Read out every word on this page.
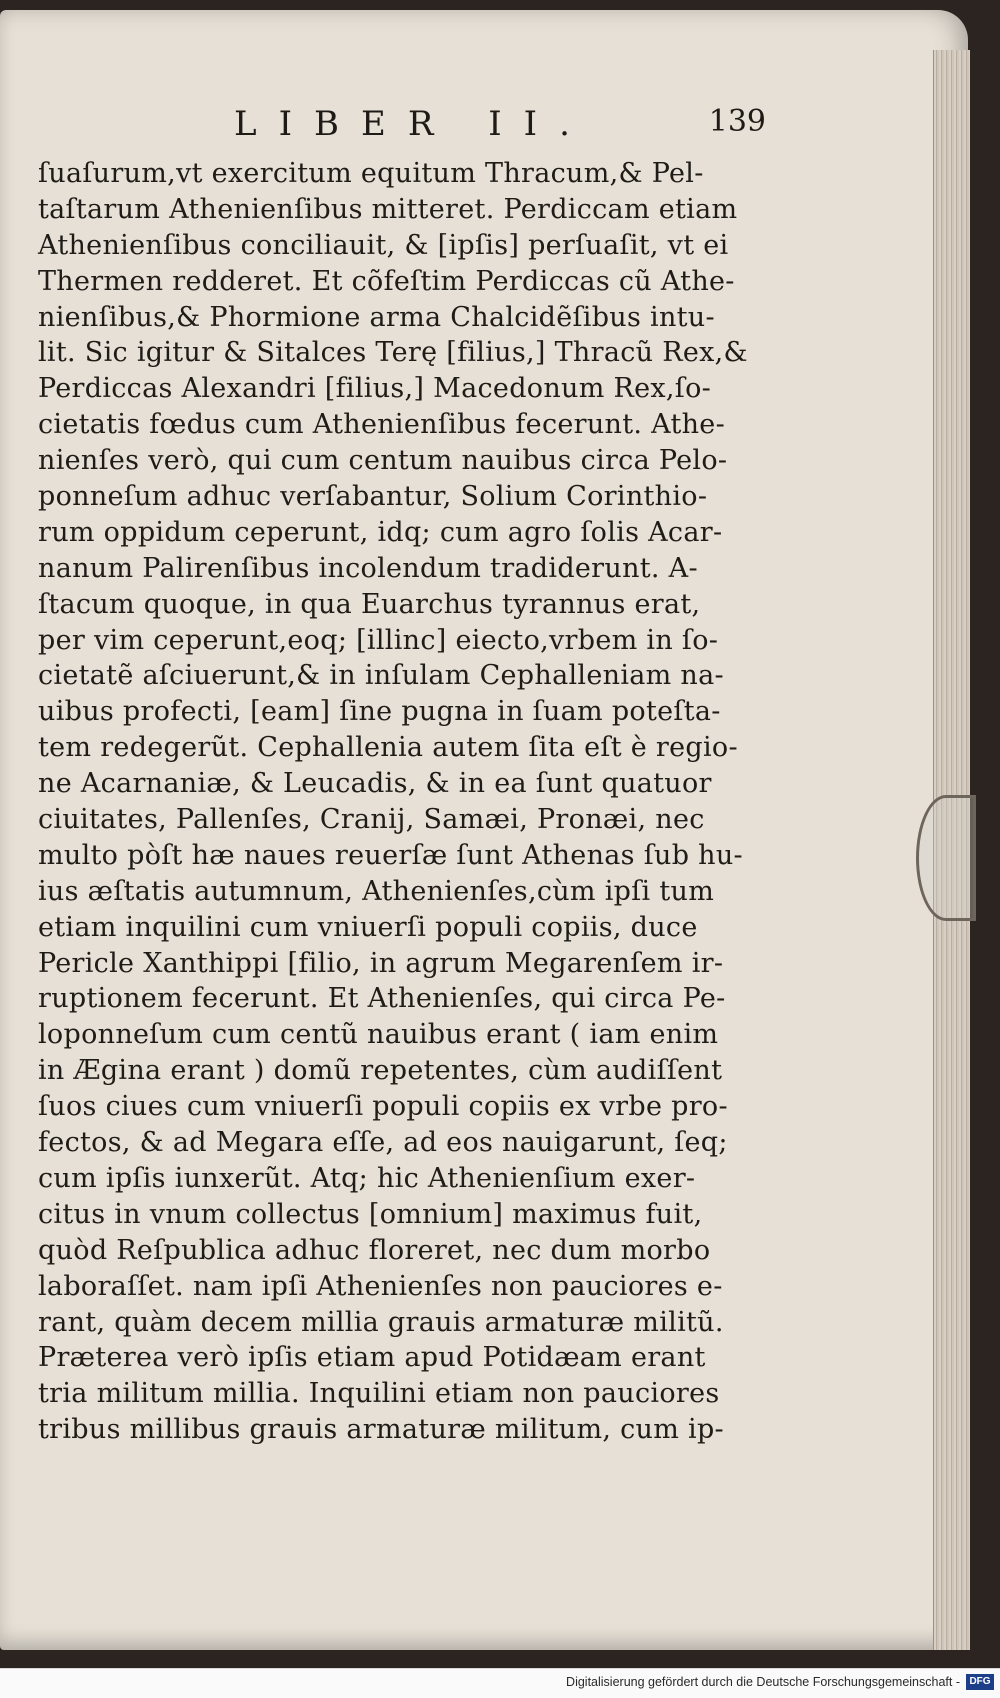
LIBER II.	139
ſuaſurum,vt exercitum equitum Thracum,& Pel-
taſtarum Athenienſibus mitteret. Perdiccam etiam
Athenienſibus conciliauit, & [ipſis] perſuaſit, vt ei
Thermen redderet. Et cõfeſtim Perdiccas cũ Athe-
nienſibus,& Phormione arma Chalcidẽſibus intu-
lit. Sic igitur & Sitalces Terę [filius,] Thracũ Rex,&
Perdiccas Alexandri [filius,] Macedonum Rex,ſo-
cietatis fœdus cum Athenienſibus fecerunt. Athe-
nienſes verò, qui cum centum nauibus circa Pelo-
ponneſum adhuc verſabantur, Solium Corinthio-
rum oppidum ceperunt, idq; cum agro ſolis Acar-
nanum Palirenſibus incolendum tradiderunt. A-
ſtacum quoque, in qua Euarchus tyrannus erat,
per vim ceperunt,eoq; [illinc] eiecto,vrbem in ſo-
cietatẽ aſciuerunt,& in inſulam Cephalleniam na-
uibus profecti, [eam] ſine pugna in ſuam poteſta-
tem redegerũt. Cephallenia autem ſita eſt è regio-
ne Acarnaniæ, & Leucadis, & in ea ſunt quatuor
ciuitates, Pallenſes, Cranij, Samæi, Pronæi, nec
multo pòſt hæ naues reuerſæ ſunt Athenas ſub hu-
ius æſtatis autumnum, Athenienſes,cùm ipſi tum
etiam inquilini cum vniuerſi populi copiis, duce
Pericle Xanthippi [filio, in agrum Megarenſem ir-
ruptionem fecerunt. Et Athenienſes, qui circa Pe-
loponneſum cum centũ nauibus erant ( iam enim
in Ægina erant ) domũ repetentes, cùm audiſſent
ſuos ciues cum vniuerſi populi copiis ex vrbe pro-
fectos, & ad Megara eſſe, ad eos nauigarunt, ſeq;
cum ipſis iunxerũt. Atq; hic Athenienſium exer-
citus in vnum collectus [omnium] maximus fuit,
quòd Reſpublica adhuc floreret, nec dum morbo
laboraſſet. nam ipſi Athenienſes non pauciores e-
rant, quàm decem millia grauis armaturæ militũ.
Præterea verò ipſis etiam apud Potidæam erant
tria militum millia. Inquilini etiam non pauciores
tribus millibus grauis armaturæ militum, cum ip-
Digitalisierung gefördert durch die Deutsche Forschungsgemeinschaft - DFG
